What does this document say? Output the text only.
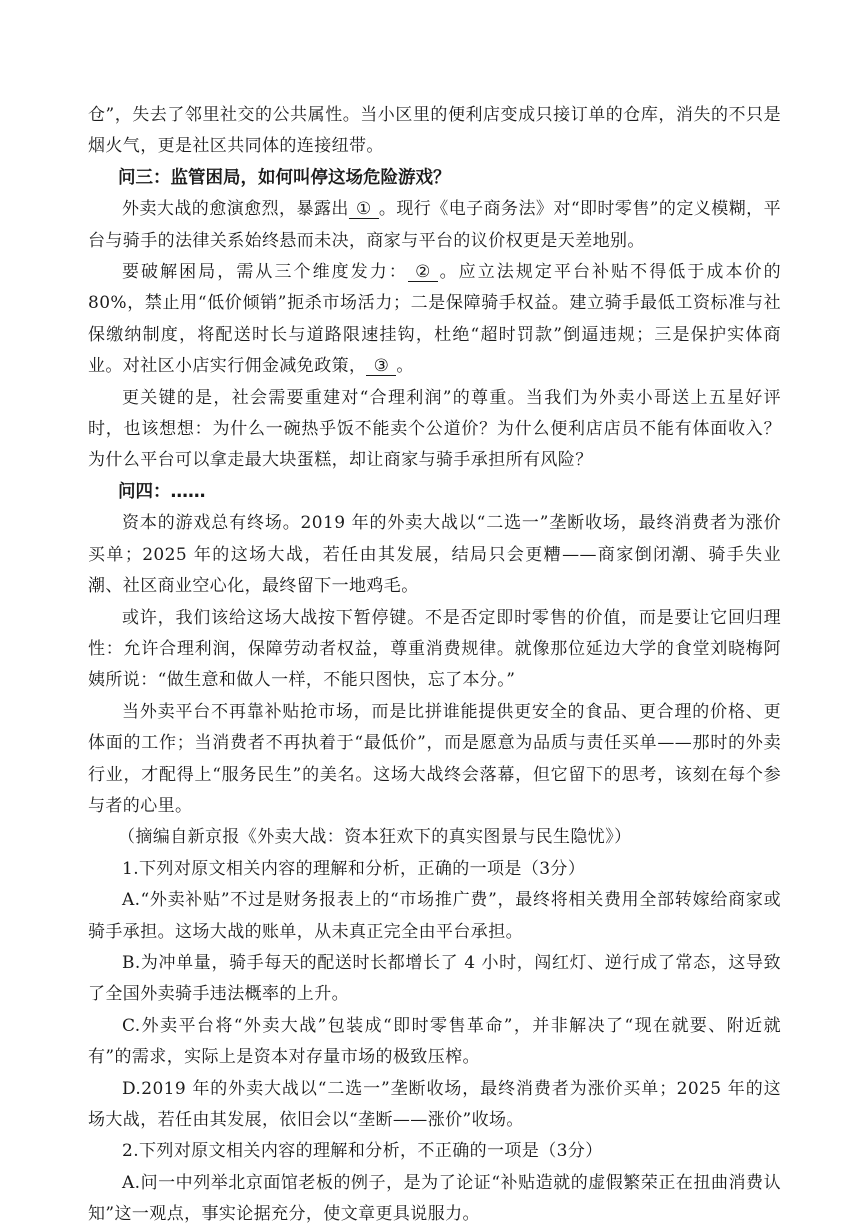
仓”，失去了邻里社交的公共属性。当小区里的便利店变成只接订单的仓库，消失的不只是烟火气，更是社区共同体的连接纽带。

问三：监管困局，如何叫停这场危险游戏？

外卖大战的愈演愈烈，暴露出 ① 。现行《电子商务法》对“即时零售”的定义模糊，平台与骑手的法律关系始终悬而未决，商家与平台的议价权更是天差地别。

要破解困局，需从三个维度发力： ② 。应立法规定平台补贴不得低于成本价的 80%，禁止用“低价倾销”扼杀市场活力；二是保障骑手权益。建立骑手最低工资标准与社保缴纳制度，将配送时长与道路限速挂钩，杜绝“超时罚款”倒逼违规；三是保护实体商业。对社区小店实行佣金减免政策， ③ 。

更关键的是，社会需要重建对“合理利润”的尊重。当我们为外卖小哥送上五星好评时，也该想想：为什么一碗热乎饭不能卖个公道价？为什么便利店店员不能有体面收入？为什么平台可以拿走最大块蛋糕，却让商家与骑手承担所有风险？

问四：……

资本的游戏总有终场。2019 年的外卖大战以“二选一”垄断收场，最终消费者为涨价买单；2025 年的这场大战，若任由其发展，结局只会更糟——商家倒闭潮、骑手失业潮、社区商业空心化，最终留下一地鸡毛。

或许，我们该给这场大战按下暂停键。不是否定即时零售的价值，而是要让它回归理性：允许合理利润，保障劳动者权益，尊重消费规律。就像那位延边大学的食堂刘晓梅阿姨所说：“做生意和做人一样，不能只图快，忘了本分。”

当外卖平台不再靠补贴抢市场，而是比拼谁能提供更安全的食品、更合理的价格、更体面的工作；当消费者不再执着于“最低价”，而是愿意为品质与责任买单——那时的外卖行业，才配得上“服务民生”的美名。这场大战终会落幕，但它留下的思考，该刻在每个参与者的心里。

（摘编自新京报《外卖大战：资本狂欢下的真实图景与民生隐忧》）

1.下列对原文相关内容的理解和分析，正确的一项是（3分）

A.“外卖补贴”不过是财务报表上的“市场推广费”，最终将相关费用全部转嫁给商家或骑手承担。这场大战的账单，从未真正完全由平台承担。

B.为冲单量，骑手每天的配送时长都增长了 4 小时，闯红灯、逆行成了常态，这导致了全国外卖骑手违法概率的上升。

C.外卖平台将“外卖大战”包装成“即时零售革命”，并非解决了“现在就要、附近就有”的需求，实际上是资本对存量市场的极致压榨。

D.2019 年的外卖大战以“二选一”垄断收场，最终消费者为涨价买单；2025 年的这场大战，若任由其发展，依旧会以“垄断——涨价”收场。

2.下列对原文相关内容的理解和分析，不正确的一项是（3分）

A.问一中列举北京面馆老板的例子，是为了论证“补贴造就的虚假繁荣正在扭曲消费认知”这一观点，事实论据充分，使文章更具说服力。
